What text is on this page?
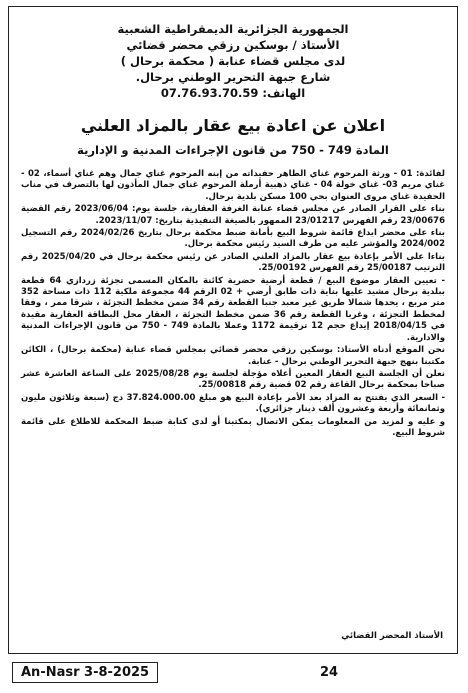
الجمهورية الجزائرية الديمقراطية الشعبية
الأستاذ / بوسكين رزقي محضر قضائي
لدى مجلس قضاء عنابة ( محكمة برحال )
شارع جبهة التحرير الوطني برحال.
الهاتف: 07.76.93.70.59
اعلان عن اعادة بيع عقار بالمزاد العلني
المادة 749 - 750 من قانون الإجراءات المدنية و الإدارية

لفائدة: 01 - ورثة المرحوم غناي الطاهر حفيداته من إبنه المرحوم غناي جمال وهم غناي أسماء، 02 - غناي مريم 03- غناي خولة 04 - غناي ذهبية أرملة المرحوم غناي جمال المأذون لها بالتصرف في مناب الحفيدة غناي مروى العنوان بحي 100 مسكن بلدية برحال.

بناء على القرار الصادر عن مجلس قضاء عنابة الغرفة العقارية، جلسة يوم: 2023/06/04 رقم القضية 23/00676 رقم الفهرس 23/01217 الممهور بالصيغة التنفيذية بتاريخ: 2023/11/07.

بناء على محضر ايداع قائمة شروط البيع بأمانة ضبط محكمة برحال بتاريخ 2024/02/26 رقم التسجيل 2024/002 والمؤشر عليه من طرف السيد رئيس محكمة برحال.

بناءا على الأمر بإعادة بيع عقار بالمزاد العلني الصادر عن رئيس محكمة برحال في 2025/04/20 رقم الترتيب 25/00187 رقم الفهرس 25/00192.

- تعيين العقار موضوع البيع / قطعة أرضية حضرية كائنة بالمكان المسمى تجزئة زردازي 64 قطعة ببلدية برحال مشيد عليها بناية ذات طابق أرضي + 02 الرقم 44 مجموعة ملكية 112 ذات مساحة 352 متر مربع ، يحدها شمالا طريق غير معبد جنبا القطعة رقم 34 ضمن مخطط التجزئة ، شرقا ممر ، وفقا لمخطط التجزئة ، وغربا القطعة رقم 36 ضمن مخطط التجزئة ، العقار محل البطاقة العقارية مقيدة في 2018/04/15 إيداع حجم 12 ترقيمة 1172 وعملا بالمادة 749 - 750 من قانون الإجراءات المدنية والادارية.

نحن الموقع أدناه الأستاذ: بوسكين رزقي محضر قضائي بمجلس قضاء عنابة (محكمة برحال) ، الكائن مكتبنا بنهج جبهة التحرير الوطني برحال - عنابة.

نعلن أن الجلسة البيع العقار المعين أعلاه مؤجلة لجلسة يوم 2025/08/28 على الساعة العاشرة عشر صباحا بمحكمة برحال القاعة رقم 02 قضية رقم 25/00818.

- السعر الذي يفتتح به المزاد بعد الأمر بإعادة البيع هو مبلغ 37.824.000.00 دج (سبعة وثلاثون مليون وثمانمائة وأربعة وعشرون ألف دينار جزائري).

و عليه و لمزيد من المعلومات يمكن الاتصال بمكتبنا أو لدى كتابة ضبط المحكمة للاطلاع على قائمة شروط البيع.

الأستاذ المحضر القضائي
An-Nasr 3-8-2025	24
